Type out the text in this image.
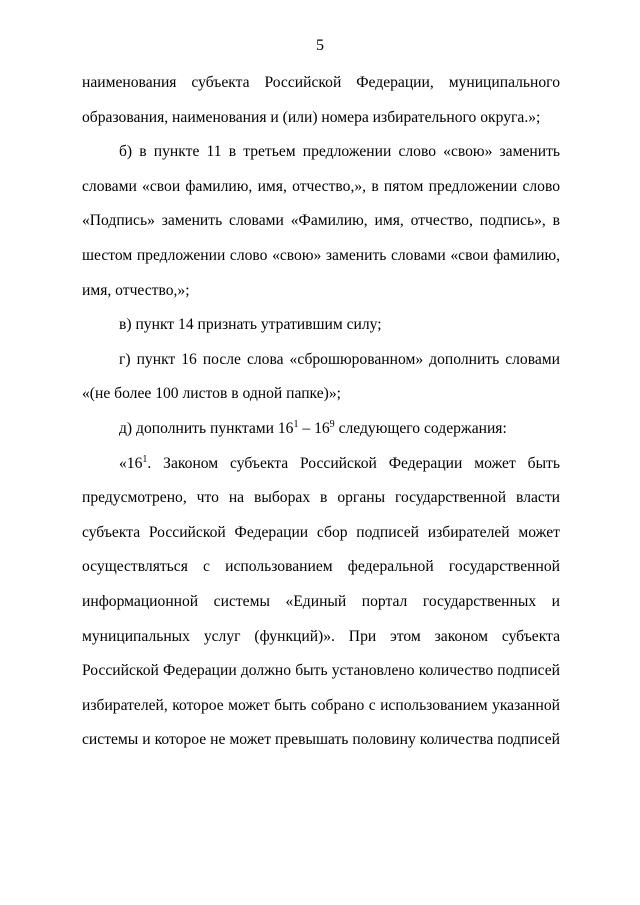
5

наименования субъекта Российской Федерации, муниципального образования, наименования и (или) номера избирательного округа.»;

б) в пункте 11 в третьем предложении слово «свою» заменить словами «свои фамилию, имя, отчество,», в пятом предложении слово «Подпись» заменить словами «Фамилию, имя, отчество, подпись», в шестом предложении слово «свою» заменить словами «свои фамилию, имя, отчество,»;

в) пункт 14 признать утратившим силу;

г) пункт 16 после слова «сброшюрованном» дополнить словами «(не более 100 листов в одной папке)»;

д) дополнить пунктами $16^1 - 16^9$ следующего содержания:

«$16^1$. Законом субъекта Российской Федерации может быть предусмотрено, что на выборах в органы государственной власти субъекта Российской Федерации сбор подписей избирателей может осуществляться с использованием федеральной государственной информационной системы «Единый портал государственных и муниципальных услуг (функций)». При этом законом субъекта Российской Федерации должно быть установлено количество подписей избирателей, которое может быть собрано с использованием указанной системы и которое не может превышать половину количества подписей
